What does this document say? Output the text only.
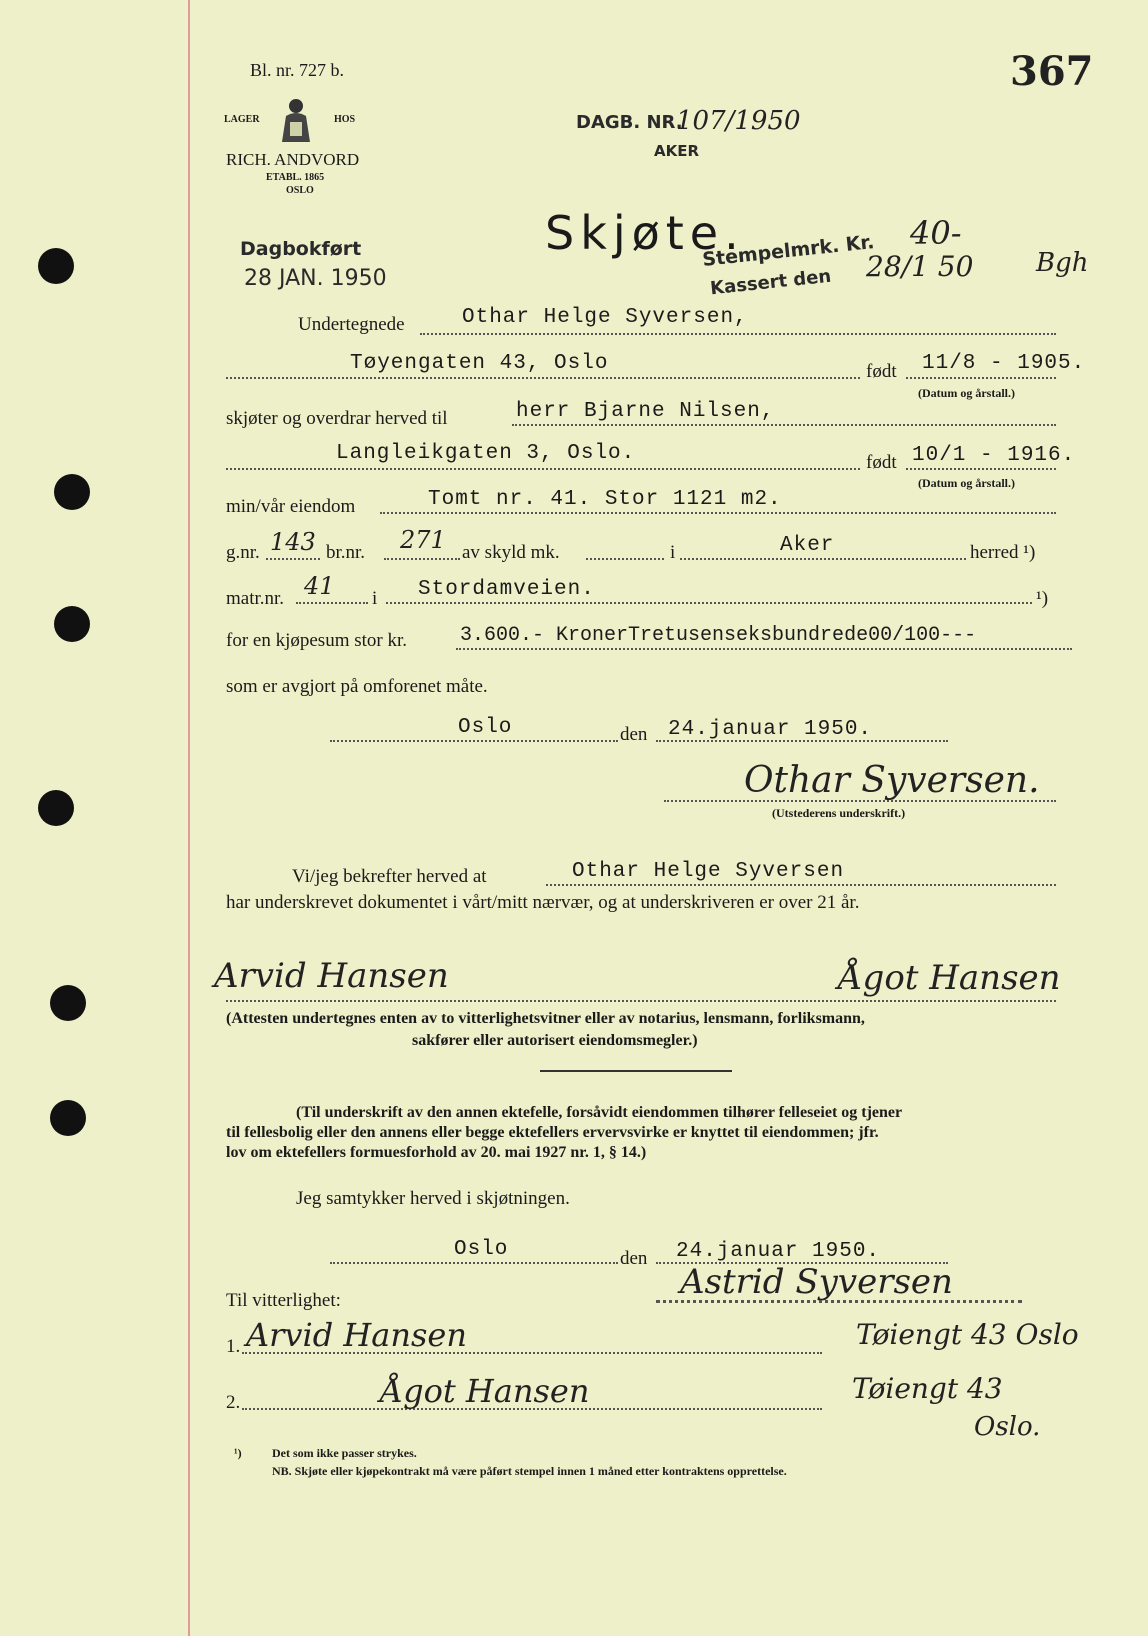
Bl. nr. 727 b.	367
LAGER	HOS
RICH. ANDVORD
ETABL. 1865
OSLO
DAGB. NR.
107/1950
AKER
Dagbokført
28 JAN. 1950
Skjøte.
Stempelmrk. Kr. 40-
Kassert den 28/1 50 Bgh
Undertegnede	Othar Helge Syversen,
Tøyengaten 43, Oslo	født 11/8 - 1905.
(Datum og årstall.)
skjøter og overdrar herved til	herr Bjarne Nilsen,
Langleikgaten 3, Oslo.	født 10/1 - 1916.
(Datum og årstall.)
min/vår eiendom	Tomt nr. 41. Stor 1121 m2.
g.nr. 143 br.nr. 271 av skyld mk.	i	Aker	herred ¹)
matr.nr. 41 i Stordamveien.	¹)
for en kjøpesum stor kr.	3.600.- KronerTretusenseksbundrede00/100---
som er avgjort på omforenet måte.
Oslo	den 24.januar 1950.
Othar Syversen.
(Utstederens underskrift.)
Vi/jeg bekrefter herved at	Othar Helge Syversen
har underskrevet dokumentet i vårt/mitt nærvær, og at underskriveren er over 21 år.
Arvid Hansen	Ågot Hansen
(Attesten undertegnes enten av to vitterlighetsvitner eller av notarius, lensmann, forliksmann,
sakfører eller autorisert eiendomsmegler.)
(Til underskrift av den annen ektefelle, forsåvidt eiendommen tilhører felleseiet og tjener
til fellesbolig eller den annens eller begge ektefellers ervervsvirke er knyttet til eiendommen; jfr.
lov om ektefellers formuesforhold av 20. mai 1927 nr. 1, § 14.)
Jeg samtykker herved i skjøtningen.
Oslo	den 24.januar 1950.
Til vitterlighet:	Astrid Syversen
1. Arvid Hansen	Tøiengt 43 Oslo
2.	Ågot Hansen	Tøiengt 43
Oslo.
¹)	Det som ikke passer strykes.
NB. Skjøte eller kjøpekontrakt må være påført stempel innen 1 måned etter kontraktens opprettelse.
